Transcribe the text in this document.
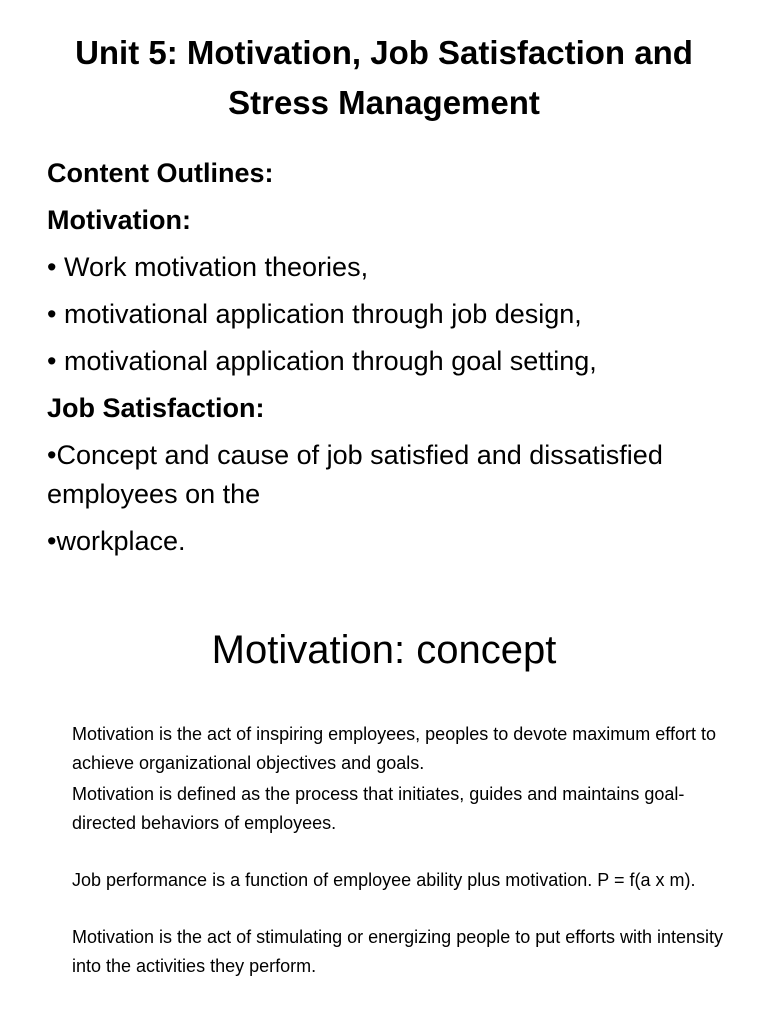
Unit 5: Motivation, Job Satisfaction and Stress Management
Content Outlines:
Motivation:
• Work motivation theories,
• motivational application through job design,
• motivational application through goal setting,
Job Satisfaction:
•Concept and cause of job satisfied and dissatisfied employees on the
•workplace.
Motivation: concept

Motivation is the act of inspiring employees, peoples to devote maximum effort to achieve organizational objectives and goals.

Motivation is defined as the process that initiates, guides and maintains goal- directed behaviors of employees.

Job performance is a function of employee ability plus motivation. P = f(a x m).

Motivation is the act of stimulating or energizing people to put efforts with intensity into the activities they perform.
